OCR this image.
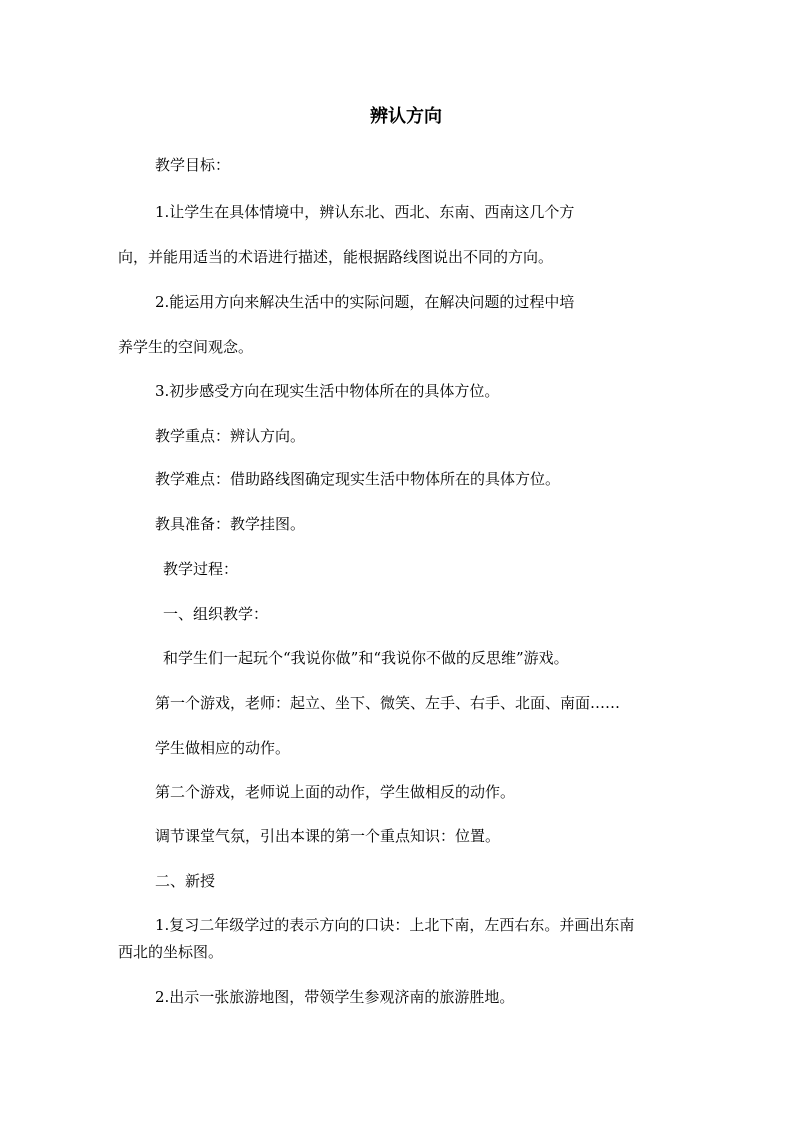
辨认方向
教学目标：
1.让学生在具体情境中，辨认东北、西北、东南、西南这几个方
向，并能用适当的术语进行描述，能根据路线图说出不同的方向。
2.能运用方向来解决生活中的实际问题，在解决问题的过程中培
养学生的空间观念。
3.初步感受方向在现实生活中物体所在的具体方位。
教学重点：辨认方向。
教学难点：借助路线图确定现实生活中物体所在的具体方位。
教具准备：教学挂图。
教学过程：
一、组织教学：
和学生们一起玩个“我说你做”和“我说你不做的反思维”游戏。
第一个游戏，老师：起立、坐下、微笑、左手、右手、北面、南面……
学生做相应的动作。
第二个游戏，老师说上面的动作，学生做相反的动作。
调节课堂气氛，引出本课的第一个重点知识：位置。
二、新授
1.复习二年级学过的表示方向的口诀：上北下南，左西右东。并画出东南
西北的坐标图。
2.出示一张旅游地图，带领学生参观济南的旅游胜地。
